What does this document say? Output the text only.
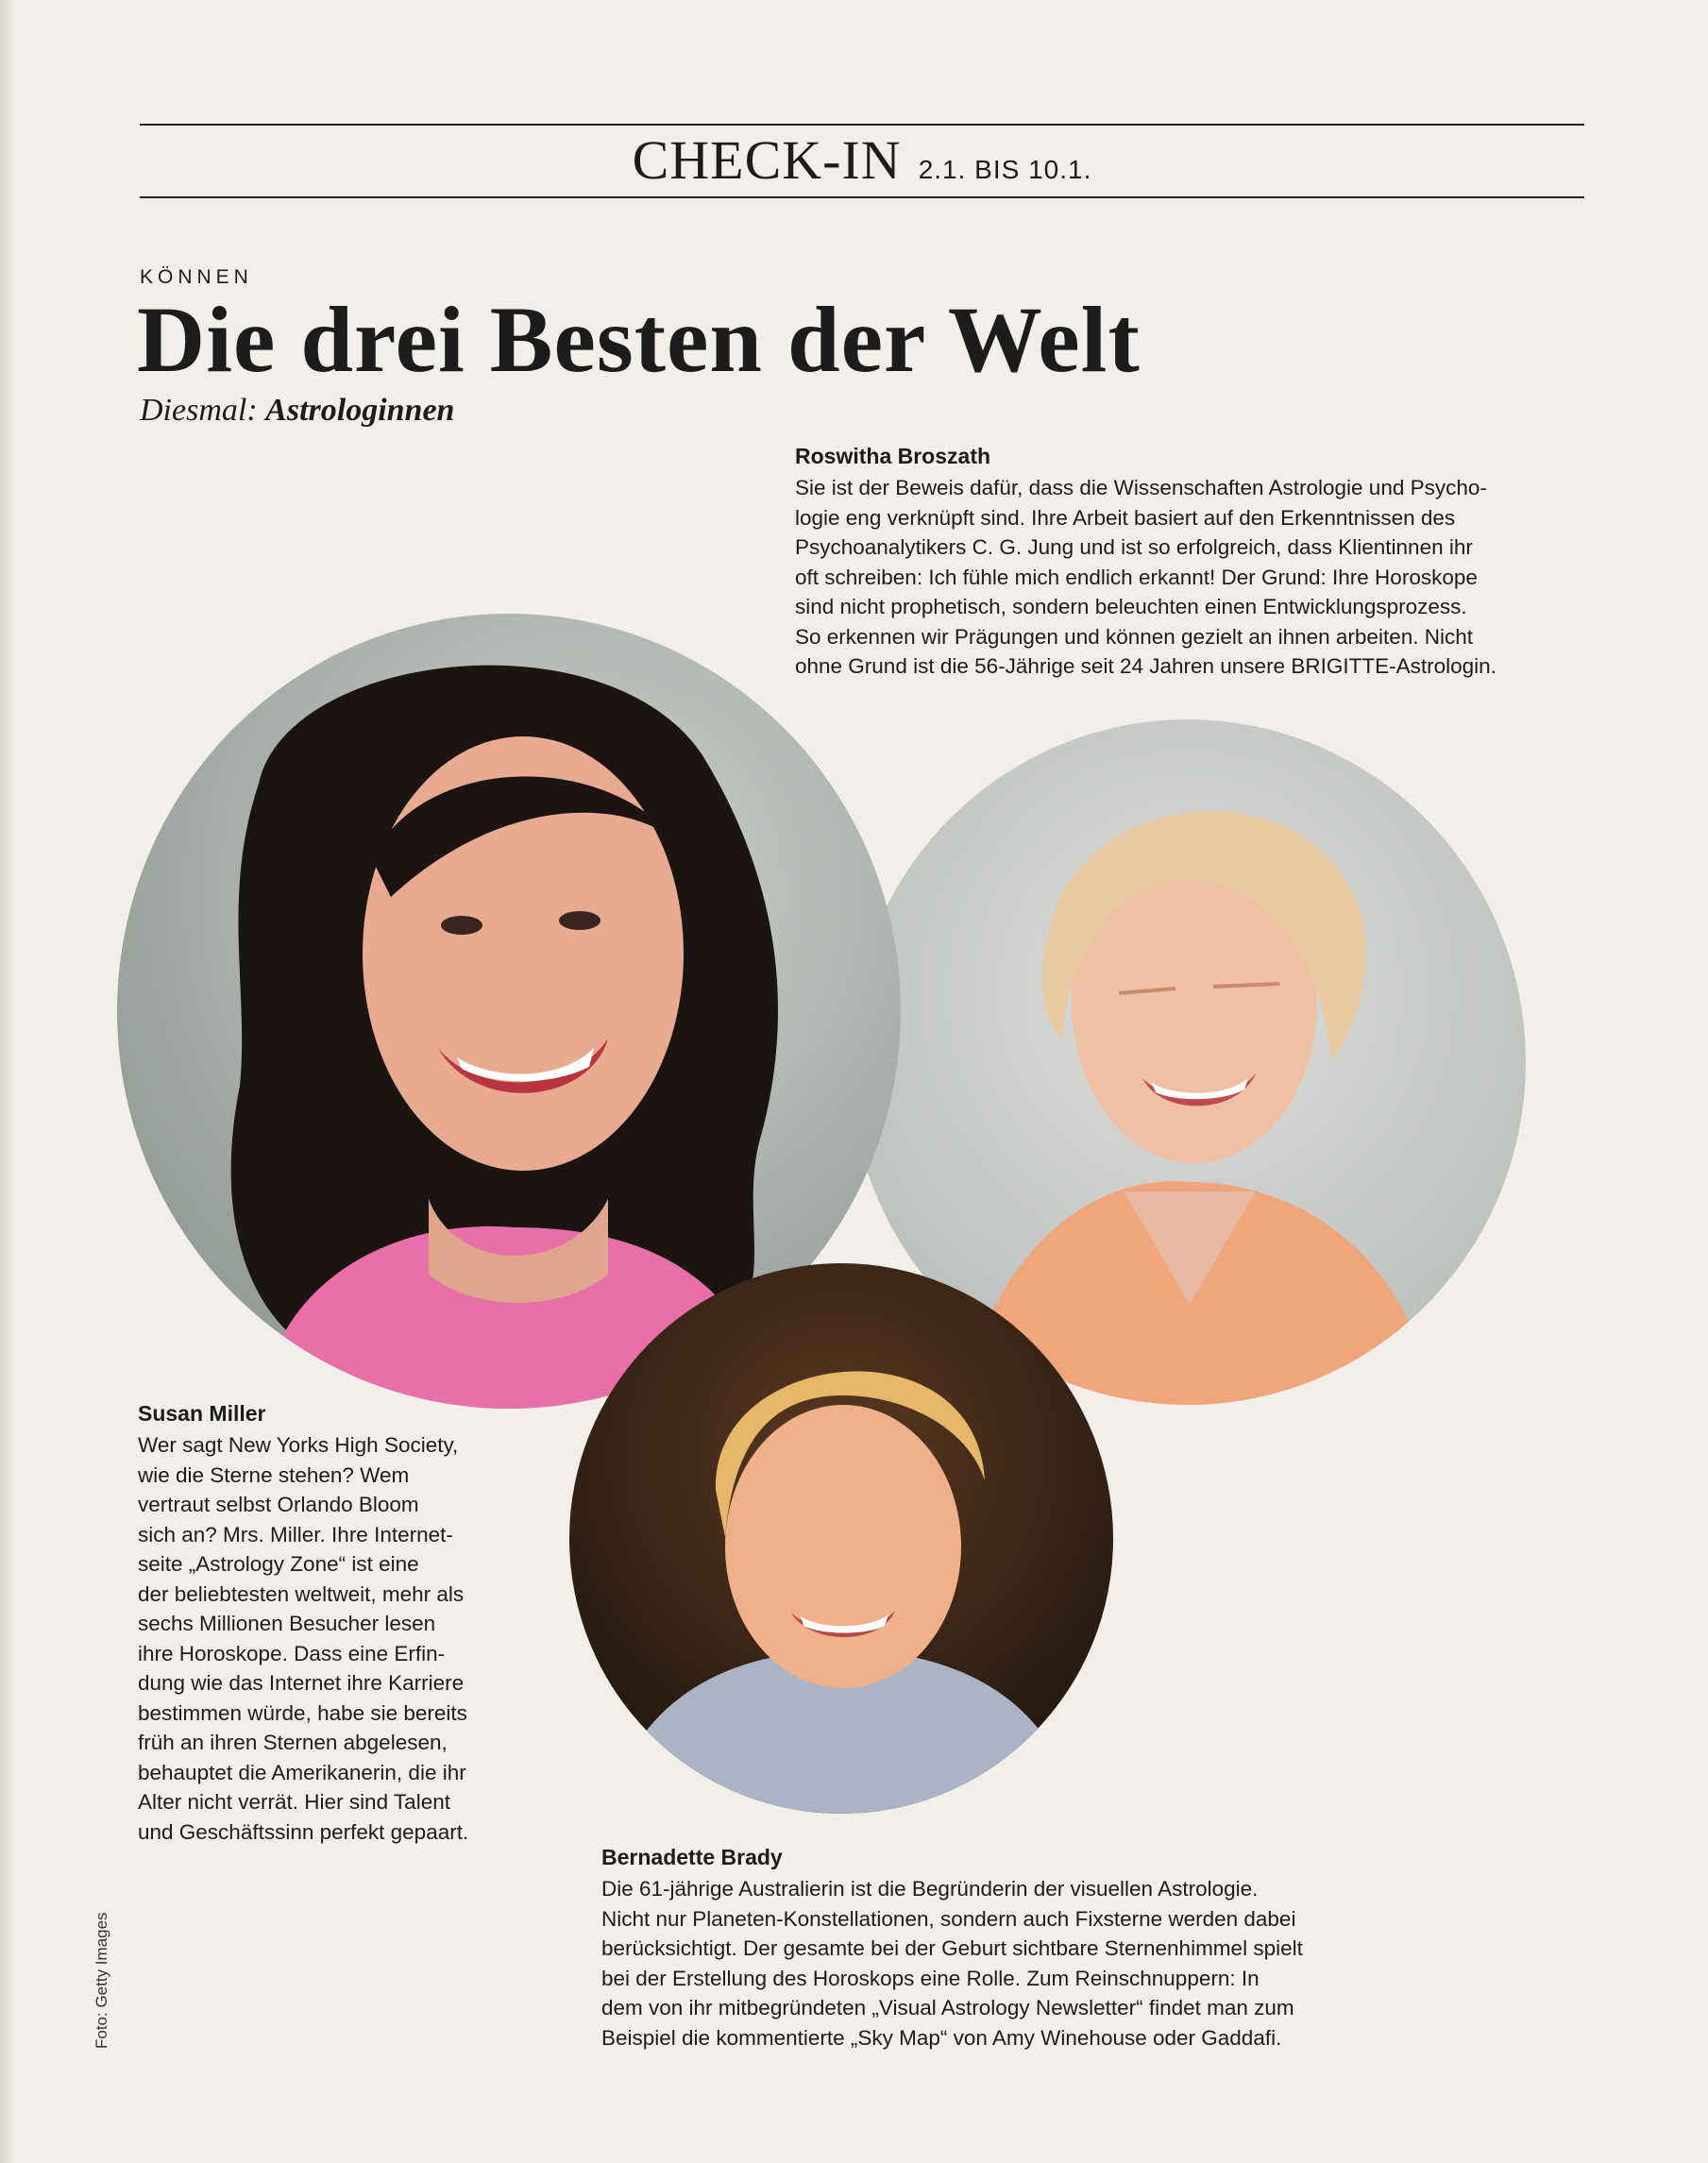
CHECK-IN 2.1. BIS 10.1.
KÖNNEN
Die drei Besten der Welt
Diesmal: Astrologinnen
Roswitha Broszath

Sie ist der Beweis dafür, dass die Wissenschaften Astrologie und Psycho-
logie eng verknüpft sind. Ihre Arbeit basiert auf den Erkenntnissen des
Psychoanalytikers C. G. Jung und ist so erfolgreich, dass Klientinnen ihr
oft schreiben: Ich fühle mich endlich erkannt! Der Grund: Ihre Horoskope
sind nicht prophetisch, sondern beleuchten einen Entwicklungsprozess.
So erkennen wir Prägungen und können gezielt an ihnen arbeiten. Nicht
ohne Grund ist die 56-Jährige seit 24 Jahren unsere BRIGITTE-Astrologin.

Susan Miller

Wer sagt New Yorks High Society,
wie die Sterne stehen? Wem
vertraut selbst Orlando Bloom
sich an? Mrs. Miller. Ihre Internet-
seite „Astrology Zone“ ist eine
der beliebtesten weltweit, mehr als
sechs Millionen Besucher lesen
ihre Horoskope. Dass eine Erfin-
dung wie das Internet ihre Karriere
bestimmen würde, habe sie bereits
früh an ihren Sternen abgelesen,
behauptet die Amerikanerin, die ihr
Alter nicht verrät. Hier sind Talent
und Geschäftssinn perfekt gepaart.

Bernadette Brady

Die 61-jährige Australierin ist die Begründerin der visuellen Astrologie.
Nicht nur Planeten-Konstellationen, sondern auch Fixsterne werden dabei
berücksichtigt. Der gesamte bei der Geburt sichtbare Sternenhimmel spielt
bei der Erstellung des Horoskops eine Rolle. Zum Reinschnuppern: In
dem von ihr mitbegründeten „Visual Astrology Newsletter“ findet man zum
Beispiel die kommentierte „Sky Map“ von Amy Winehouse oder Gaddafi.

Foto: Getty Images
